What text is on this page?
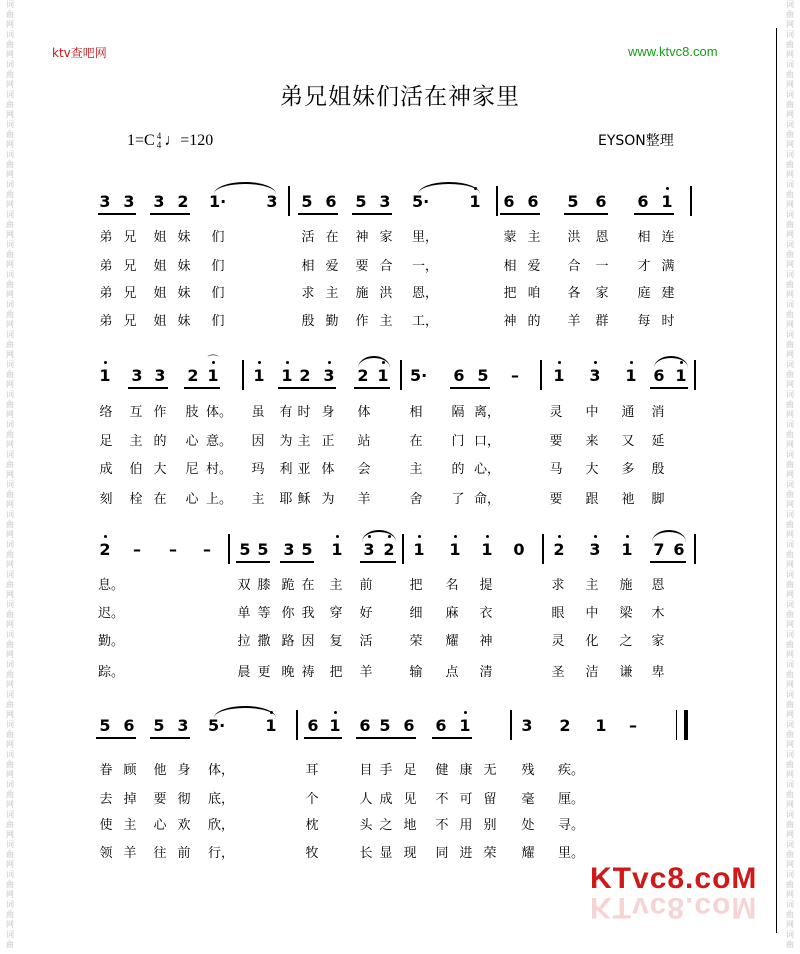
词
曲
网
词
曲
网
词
曲
网
词
曲
网
词
曲
网
词
曲
网
词
曲
网
词
曲
网
词
曲
网
词
曲
网
词
曲
网
词
曲
网
词
曲
网
词
曲
网
词
曲
网
词
曲
网
词
曲
网
词
曲
网
词
曲
网
词
曲
网
词
曲
网
词
曲
网
词
曲
网
词
曲
网
词
曲
网
词
曲
网
词
曲
网
词
曲
网
词
曲
网
词
曲
网
词
曲
网
词
曲
词
曲
网
词
曲
网
词
曲
网
词
曲
网
词
曲
网
词
曲
网
词
曲
网
词
曲
网
词
曲
网
词
曲
网
词
曲
网
词
曲
网
词
曲
网
词
曲
网
词
曲
网
词
曲
网
词
曲
网
词
曲
网
词
曲
网
词
曲
网
词
曲
网
词
曲
网
词
曲
网
词
曲
网
词
曲
网
词
曲
网
词
曲
网
词
曲
网
词
曲
网
词
曲
网
词
曲
网
词
曲
ktv查吧网	www.ktvc8.com
弟兄姐妹们活在神家里
1=C 4
4 ♩=120	EYSON整理
3 3 3 2 1·	3 5 6 5 3 5·	1 6 6 5 6 6 1
1 3 3 2 1
⌒
1 1 2 3 2 1 5· 6 5 – 1 3 1 6 1
2 – – – 5 5 3 5 1 3 2 1 1 1 0 2 3 1 7 6
5 6 5 3 5·	1 6 1 6 5 6 6 1	3 2 1 –
弟 兄 姐 妹 们	活 在 神 家 里，	蒙 主 洪 恩 相 连
弟 兄 姐 妹 们	相 爱 要 合 一，	相 爱 合 一 才 满
弟 兄 姐 妹 们	求 主 施 洪 恩，	把 咱 各 家 庭 建
弟 兄 姐 妹 们	殷 勤 作 主 工，	神 的 羊 群 每 时
络 互 作 肢 体。	虽 有 时 身 体	相 隔 离，	灵 中 通 消
足 主 的 心 意。	因 为 主 正 站	在 门 口，	要 来 又 延
成 伯 大 尼 村。	玛 利 亚 体 会	主 的 心，	马 大 多 殷
刻 栓 在 心 上。	主 耶 稣 为 羊	舍 了 命，	要 跟 祂 脚
息。	双 膝 跪 在 主 前	把 名 提	求 主 施 恩
迟。	单 等 你 我 穿 好	细 麻 衣	眼 中 梁 木
勤。	拉 撒 路 因 复 活	荣 耀 神	灵 化 之 家
踪。	晨 更 晚 祷 把 羊	输 点 清	圣 洁 谦 卑
眷 顾 他 身 体，	耳	目 手 足 健 康 无 残 疾。
去 掉 要 彻 底，	个	人 成 见 不 可 留 毫 厘。
使 主 心 欢 欣，	枕	头 之 地 不 用 别 处 寻。
领 羊 往 前 行，	牧	长 显 现 同 进 荣 耀 里。
KTvc8.coM
KTvc8.coM
